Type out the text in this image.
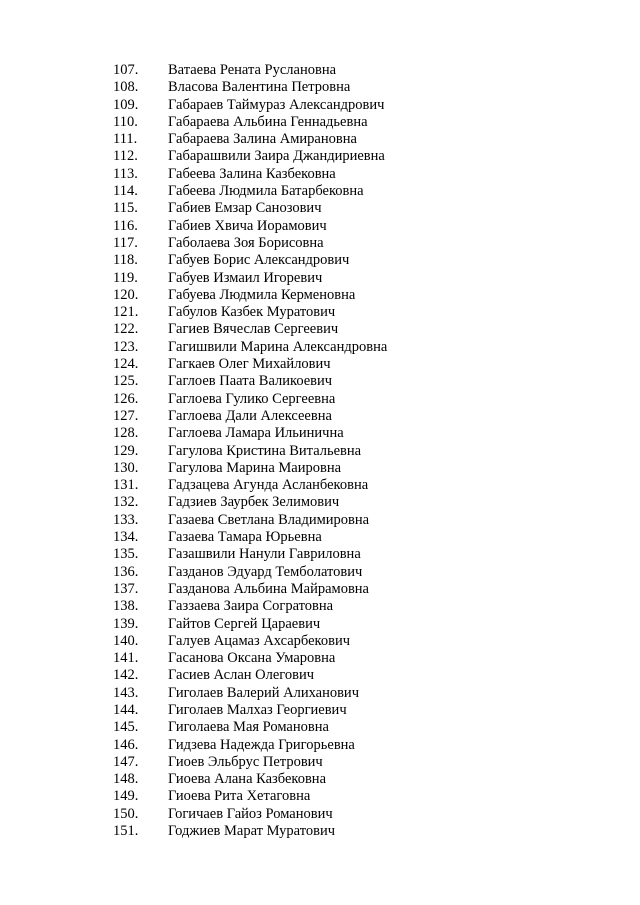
107.	Ватаева Рената Руслановна
108.	Власова Валентина Петровна
109.	Габараев Таймураз Александрович
110.	Габараева Альбина Геннадьевна
111.	Габараева Залина Амирановна
112.	Габарашвили Заира Джандириевна
113.	Габеева Залина Казбековна
114.	Габеева Людмила Батарбековна
115.	Габиев Емзар Санозович
116.	Габиев Хвича Иорамович
117.	Габолаева Зоя Борисовна
118.	Габуев Борис Александрович
119.	Габуев Измаил Игоревич
120.	Габуева Людмила Керменовна
121.	Габулов Казбек Муратович
122.	Гагиев Вячеслав Сергеевич
123.	Гагишвили Марина Александровна
124.	Гагкаев Олег Михайлович
125.	Гаглоев Паата Валикоевич
126.	Гаглоева Гулико Сергеевна
127.	Гаглоева Дали Алексеевна
128.	Гаглоева Ламара Ильинична
129.	Гагулова Кристина Витальевна
130.	Гагулова Марина Маировна
131.	Гадзацева Агунда Асланбековна
132.	Гадзиев Заурбек Зелимович
133.	Газаева Светлана Владимировна
134.	Газаева Тамара Юрьевна
135.	Газашвили Нанули Гавриловна
136.	Газданов Эдуард Темболатович
137.	Газданова Альбина Майрамовна
138.	Газзаева Заира Согратовна
139.	Гайтов Сергей Цараевич
140.	Галуев Ацамаз Ахсарбекович
141.	Гасанова Оксана Умаровна
142.	Гасиев Аслан Олегович
143.	Гиголаев Валерий Алиханович
144.	Гиголаев Малхаз Георгиевич
145.	Гиголаева Мая Романовна
146.	Гидзева Надежда Григорьевна
147.	Гиоев Эльбрус Петрович
148.	Гиоева Алана Казбековна
149.	Гиоева Рита Хетаговна
150.	Гогичаев Гайоз Романович
151.	Годжиев Марат Муратович
